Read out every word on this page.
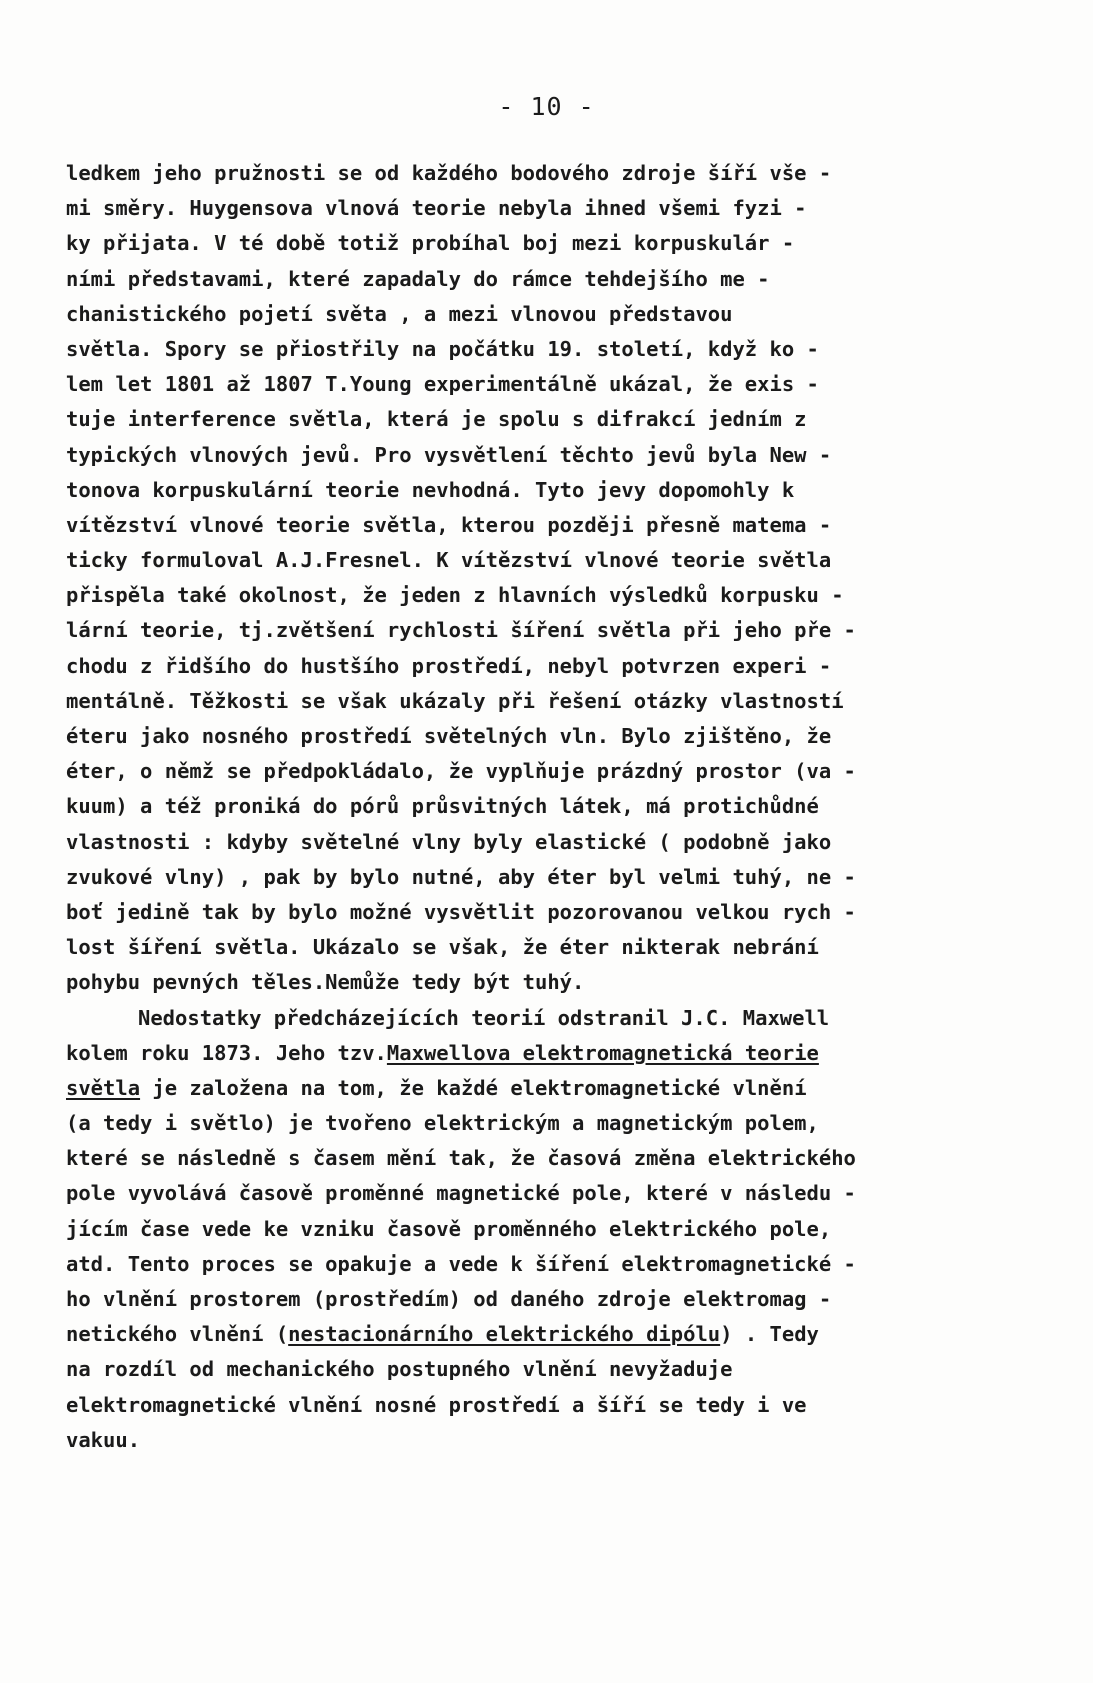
- 10 -
ledkem jeho pružnosti se od každého bodového zdroje šíří vše -
mi směry. Huygensova vlnová teorie nebyla ihned všemi fyzi -
ky přijata. V té době totiž probíhal boj mezi korpuskulár -
ními představami, které zapadaly do rámce tehdejšího me -
chanistického pojetí světa , a mezi vlnovou představou
světla. Spory se přiostřily na počátku 19. století, když ko -
lem let 1801 až 1807 T.Young experimentálně ukázal, že exis -
tuje interference světla, která je spolu s difrakcí jedním z
typických vlnových jevů. Pro vysvětlení těchto jevů byla New -
tonova korpuskulární teorie nevhodná. Tyto jevy dopomohly k
vítězství vlnové teorie světla, kterou později přesně matema -
ticky formuloval A.J.Fresnel. K vítězství vlnové teorie světla
přispěla také okolnost, že jeden z hlavních výsledků korpusku -
lární teorie, tj.zvětšení rychlosti šíření světla při jeho pře -
chodu z řidšího do hustšího prostředí, nebyl potvrzen experi -
mentálně. Těžkosti se však ukázaly při řešení otázky vlastností
éteru jako nosného prostředí světelných vln. Bylo zjištěno, že
éter, o němž se předpokládalo, že vyplňuje prázdný prostor (va -
kuum) a též proniká do pórů průsvitných látek, má protichůdné
vlastnosti : kdyby světelné vlny byly elastické ( podobně jako
zvukové vlny) , pak by bylo nutné, aby éter byl velmi tuhý, ne -
boť jedině tak by bylo možné vysvětlit pozorovanou velkou rych -
lost šíření světla. Ukázalo se však, že éter nikterak nebrání
pohybu pevných těles.Nemůže tedy být tuhý.
Nedostatky předcházejících teorií odstranil J.C. Maxwell
kolem roku 1873. Jeho tzv.Maxwellova elektromagnetická teorie
světla je založena na tom, že každé elektromagnetické vlnění
(a tedy i světlo) je tvořeno elektrickým a magnetickým polem,
které se následně s časem mění tak, že časová změna elektrického
pole vyvolává časově proměnné magnetické pole, které v následu -
jícím čase vede ke vzniku časově proměnného elektrického pole,
atd. Tento proces se opakuje a vede k šíření elektromagnetické -
ho vlnění prostorem (prostředím) od daného zdroje elektromag -
netického vlnění (nestacionárního elektrického dipólu) . Tedy
na rozdíl od mechanického postupného vlnění nevyžaduje
elektromagnetické vlnění nosné prostředí a šíří se tedy i ve
vakuu.
